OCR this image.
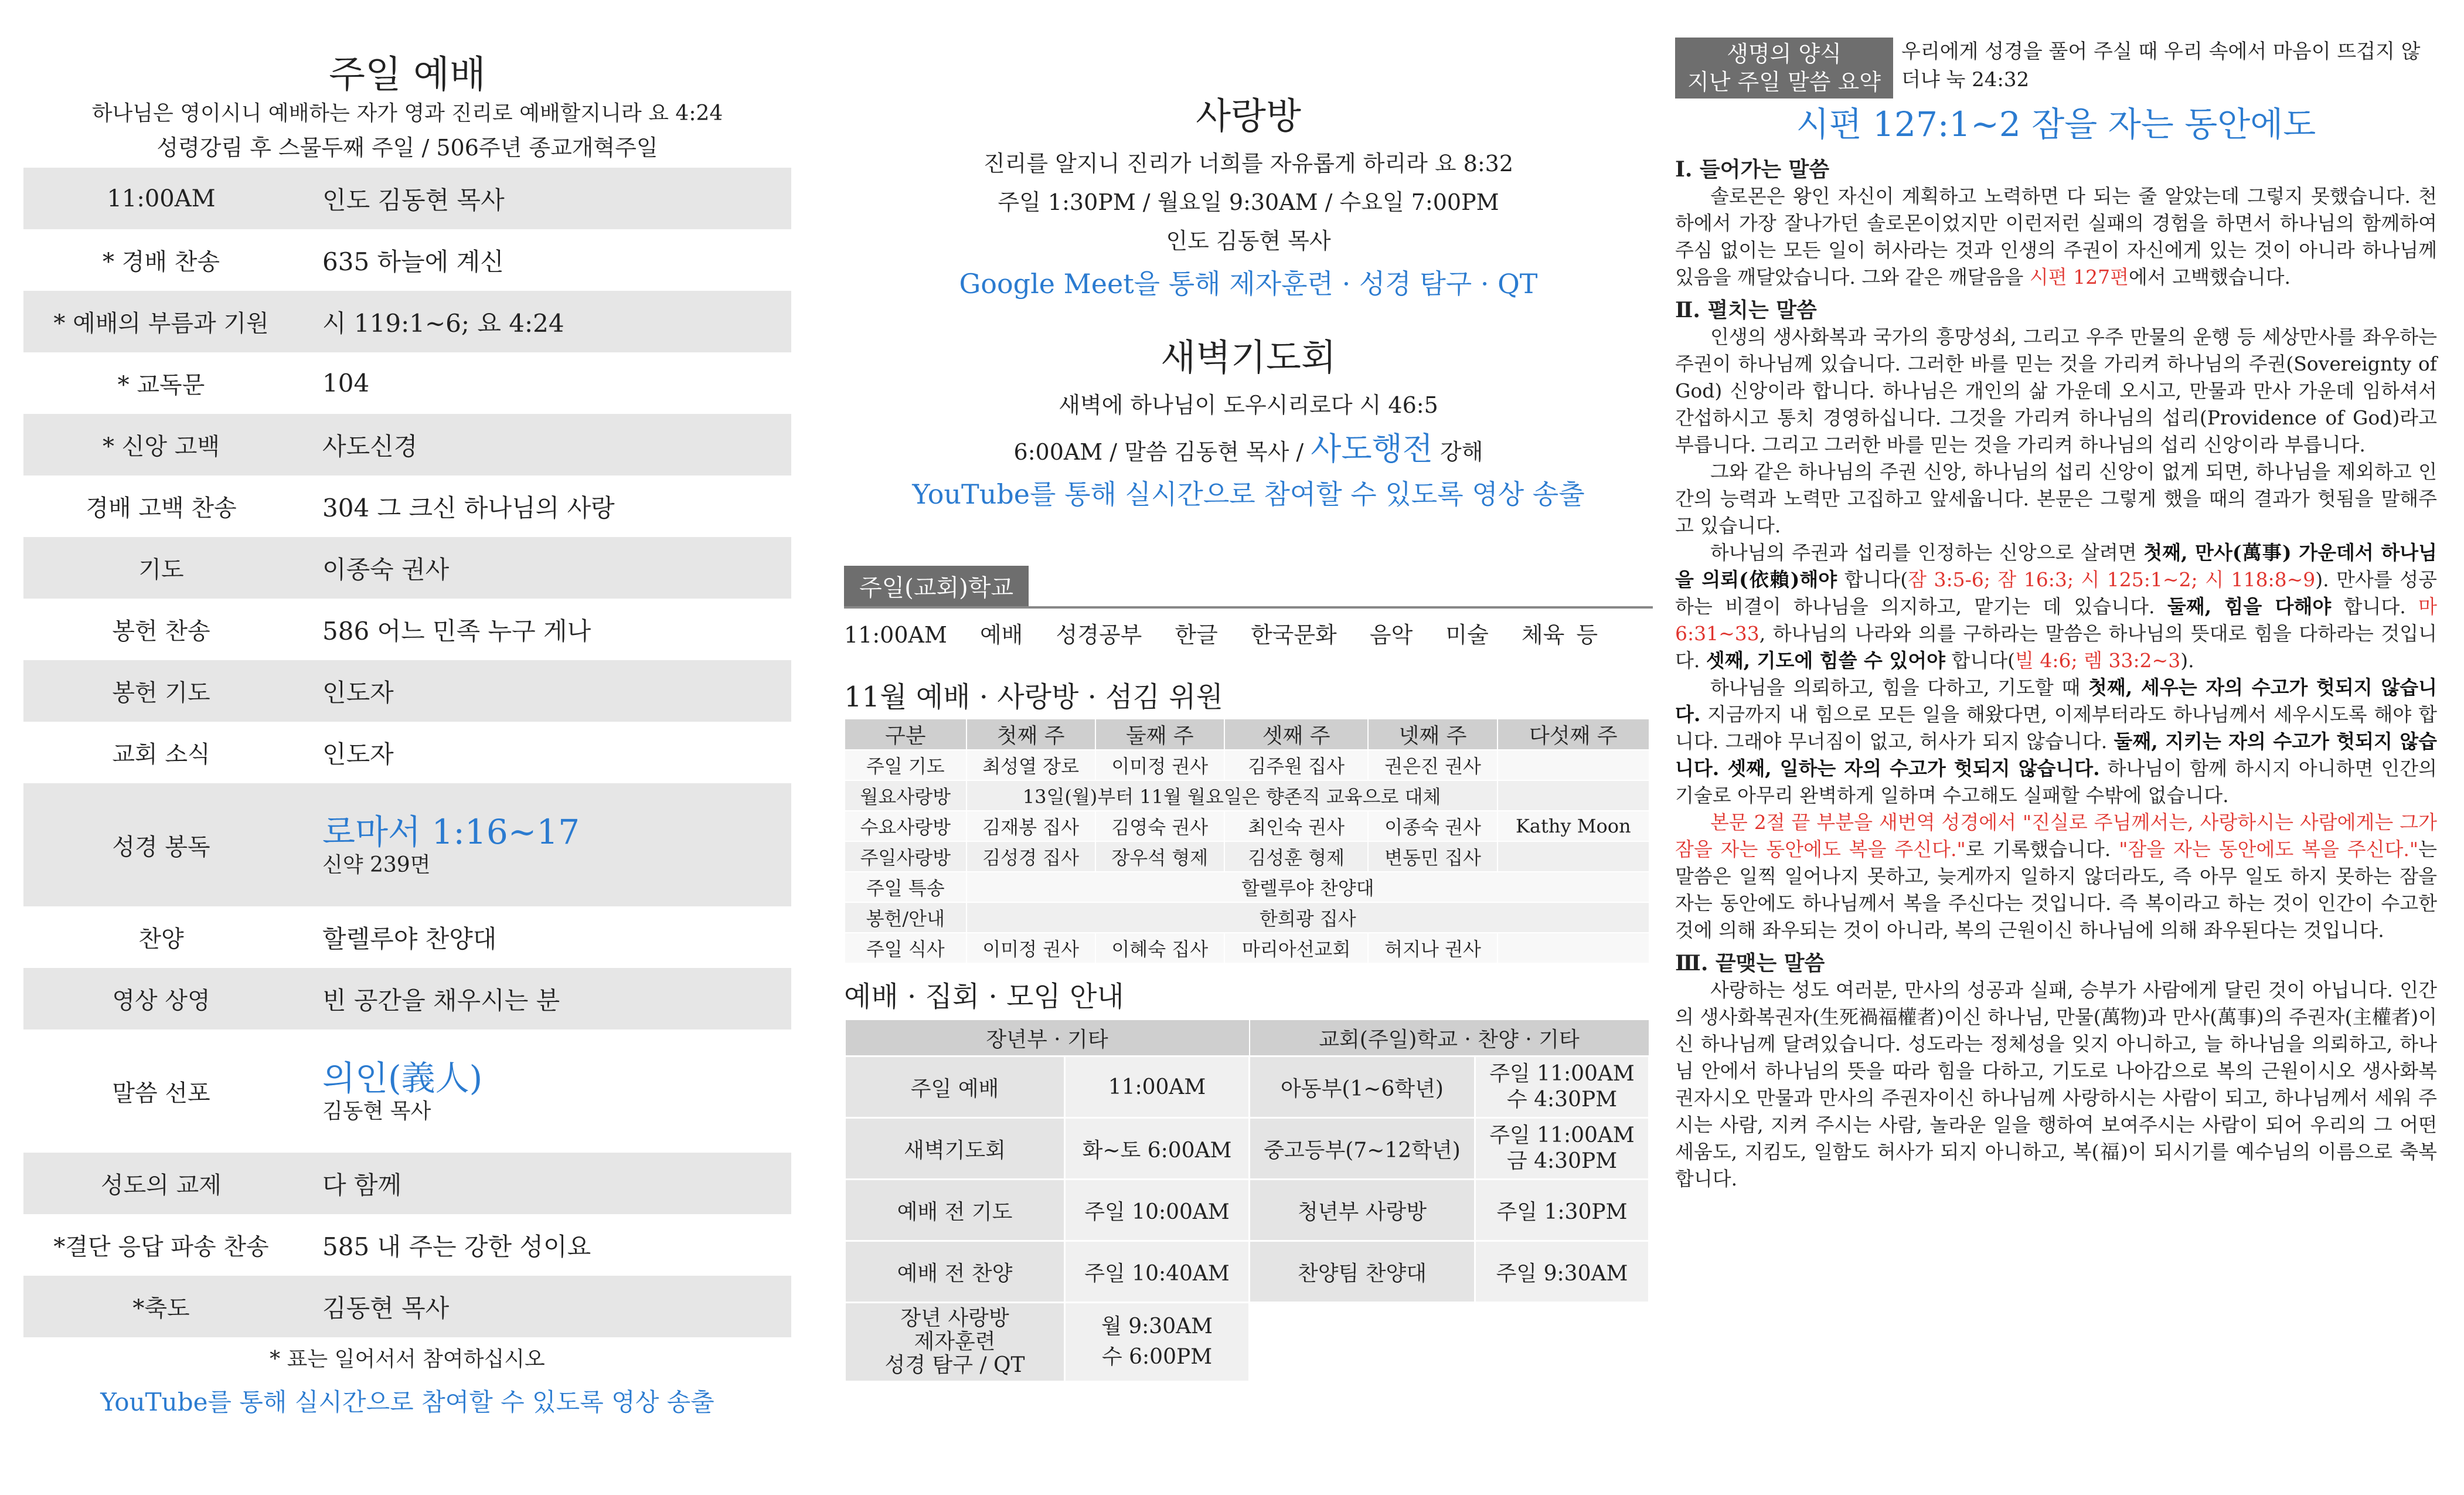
주일 예배
하나님은 영이시니 예배하는 자가 영과 진리로 예배할지니라 요 4:24
성령강림 후 스물두째 주일 / 506주년 종교개혁주일
11:00AM	인도 김동현 목사
* 경배 찬송	635 하늘에 계신
* 예배의 부름과 기원	시 119:1~6; 요 4:24
* 교독문	104
* 신앙 고백	사도신경
경배 고백 찬송	304 그 크신 하나님의 사랑
기도	이종숙 권사
봉헌 찬송	586 어느 민족 누구 게나
봉헌 기도	인도자
교회 소식	인도자
성경 봉독	로마서 1:16~17
신약 239면

찬양	할렐루야 찬양대
영상 상영	빈 공간을 채우시는 분
말씀 선포	의인(義人)
김동현 목사

성도의 교제	다 함께
*결단 응답 파송 찬송	585 내 주는 강한 성이요
*축도	김동현 목사
* 표는 일어서서 참여하십시오
YouTube를 통해 실시간으로 참여할 수 있도록 영상 송출
사랑방
진리를 알지니 진리가 너희를 자유롭게 하리라 요 8:32
주일 1:30PM / 월요일 9:30AM / 수요일 7:00PM
인도 김동현 목사
Google Meet을 통해 제자훈련 · 성경 탐구 · QT
새벽기도회
새벽에 하나님이 도우시리로다 시 46:5
6:00AM / 말씀 김동현 목사 / 사도행전 강해
YouTube를 통해 실시간으로 참여할 수 있도록 영상 송출
주일(교회)학교
11:00AM 예배 성경공부 한글 한국문화 음악 미술 체육 등
11월 예배 · 사랑방 · 섬김 위원
구분	첫째 주	둘째 주	셋째 주	넷째 주	다섯째 주
주일 기도	최성열 장로	이미정 권사	김주원 집사	권은진 권사	
월요사랑방	13일(월)부터 11월 월요일은 향존직 교육으로 대체				
수요사랑방	김재봉 집사	김영숙 권사	최인숙 권사	이종숙 권사	Kathy Moon
주일사랑방	김성경 집사	장우석 형제	김성훈 형제	변동민 집사	
주일 특송	할렐루야 찬양대				
봉헌/안내	한희광 집사				
주일 식사	이미정 권사	이혜숙 집사	마리아선교회	허지나 권사	
예배 · 집회 · 모임 안내
장년부 · 기타		교회(주일)학교 · 찬양 · 기타	
주일 예배	11:00AM	아동부(1~6학년)	주일 11:00AM
수 4:30PM
새벽기도회	화~토 6:00AM	중고등부(7~12학년)	주일 11:00AM
금 4:30PM
예배 전 기도	주일 10:00AM	청년부 사랑방	주일 1:30PM
예배 전 찬양	주일 10:40AM	찬양팀 찬양대	주일 9:30AM
장년 사랑방
제자훈련
성경 탐구 / QT	월 9:30AM
수 6:00PM		
생명의 양식
지난 주일 말씀 요약
우리에게 성경을 풀어 주실 때 우리 속에서 마음이 뜨겁지 않더냐 눅 24:32
시편 127:1~2 잠을 자는 동안에도
Ⅰ. 들어가는 말씀

솔로몬은 왕인 자신이 계획하고 노력하면 다 되는 줄 알았는데 그렇지 못했습니다. 천하에서 가장 잘나가던 솔로몬이었지만 이런저런 실패의 경험을 하면서 하나님의 함께하여 주심 없이는 모든 일이 허사라는 것과 인생의 주권이 자신에게 있는 것이 아니라 하나님께 있음을 깨달았습니다. 그와 같은 깨달음을 시편 127편에서 고백했습니다.

Ⅱ. 펼치는 말씀

인생의 생사화복과 국가의 흥망성쇠, 그리고 우주 만물의 운행 등 세상만사를 좌우하는 주권이 하나님께 있습니다. 그러한 바를 믿는 것을 가리켜 하나님의 주권(Sovereignty of God) 신앙이라 합니다. 하나님은 개인의 삶 가운데 오시고, 만물과 만사 가운데 임하셔서 간섭하시고 통치 경영하십니다. 그것을 가리켜 하나님의 섭리(Providence of God)라고 부릅니다. 그리고 그러한 바를 믿는 것을 가리켜 하나님의 섭리 신앙이라 부릅니다.

그와 같은 하나님의 주권 신앙, 하나님의 섭리 신앙이 없게 되면, 하나님을 제외하고 인간의 능력과 노력만 고집하고 앞세웁니다. 본문은 그렇게 했을 때의 결과가 헛됨을 말해주고 있습니다.

하나님의 주권과 섭리를 인정하는 신앙으로 살려면 첫째, 만사(萬事) 가운데서 하나님을 의뢰(依賴)해야 합니다(잠 3:5-6; 잠 16:3; 시 125:1~2; 시 118:8~9). 만사를 성공하는 비결이 하나님을 의지하고, 맡기는 데 있습니다. 둘째, 힘을 다해야 합니다. 마 6:31~33, 하나님의 나라와 의를 구하라는 말씀은 하나님의 뜻대로 힘을 다하라는 것입니다. 셋째, 기도에 힘쓸 수 있어야 합니다(빌 4:6; 렘 33:2~3).

하나님을 의뢰하고, 힘을 다하고, 기도할 때 첫째, 세우는 자의 수고가 헛되지 않습니다. 지금까지 내 힘으로 모든 일을 해왔다면, 이제부터라도 하나님께서 세우시도록 해야 합니다. 그래야 무너짐이 없고, 허사가 되지 않습니다. 둘째, 지키는 자의 수고가 헛되지 않습니다. 셋째, 일하는 자의 수고가 헛되지 않습니다. 하나님이 함께 하시지 아니하면 인간의 기술로 아무리 완벽하게 일하며 수고해도 실패할 수밖에 없습니다.

본문 2절 끝 부분을 새번역 성경에서 "진실로 주님께서는, 사랑하시는 사람에게는 그가 잠을 자는 동안에도 복을 주신다."로 기록했습니다. "잠을 자는 동안에도 복을 주신다."는 말씀은 일찍 일어나지 못하고, 늦게까지 일하지 않더라도, 즉 아무 일도 하지 못하는 잠을 자는 동안에도 하나님께서 복을 주신다는 것입니다. 즉 복이라고 하는 것이 인간이 수고한 것에 의해 좌우되는 것이 아니라, 복의 근원이신 하나님에 의해 좌우된다는 것입니다.

Ⅲ. 끝맺는 말씀

사랑하는 성도 여러분, 만사의 성공과 실패, 승부가 사람에게 달린 것이 아닙니다. 인간의 생사화복권자(生死禍福權者)이신 하나님, 만물(萬物)과 만사(萬事)의 주권자(主權者)이신 하나님께 달려있습니다. 성도라는 정체성을 잊지 아니하고, 늘 하나님을 의뢰하고, 하나님 안에서 하나님의 뜻을 따라 힘을 다하고, 기도로 나아감으로 복의 근원이시오 생사화복권자시오 만물과 만사의 주권자이신 하나님께 사랑하시는 사람이 되고, 하나님께서 세워 주시는 사람, 지켜 주시는 사람, 놀라운 일을 행하여 보여주시는 사람이 되어 우리의 그 어떤 세움도, 지킴도, 일함도 허사가 되지 아니하고, 복(福)이 되시기를 예수님의 이름으로 축복합니다.
